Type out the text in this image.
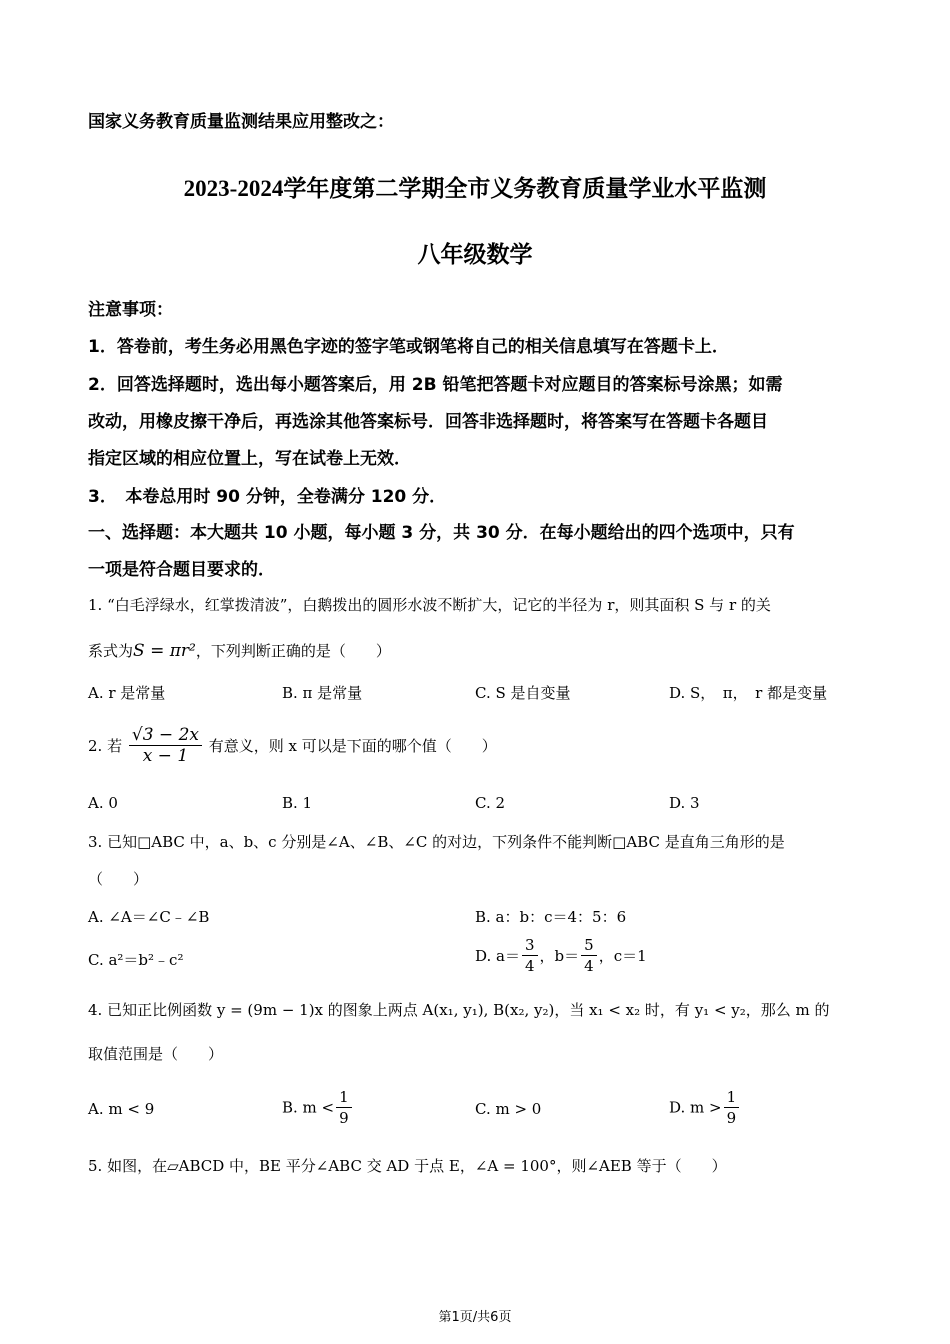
国家义务教育质量监测结果应用整改之：
2023-2024学年度第二学期全市义务教育质量学业水平监测
八年级数学
注意事项：
1．答卷前，考生务必用黑色字迹的签字笔或钢笔将自己的相关信息填写在答题卡上．
2．回答选择题时，选出每小题答案后，用 2B 铅笔把答题卡对应题目的答案标号涂黑；如需
改动，用橡皮擦干净后，再选涂其他答案标号．回答非选择题时，将答案写在答题卡各题目
指定区域的相应位置上，写在试卷上无效．
3．　本卷总用时 90 分钟，全卷满分 120 分．
一、选择题：本大题共 10 小题，每小题 3 分，共 30 分．在每小题给出的四个选项中，只有
一项是符合题目要求的．
1. “白毛浮绿水，红掌拨清波”，白鹅拨出的圆形水波不断扩大，记它的半径为 r，则其面积 S 与 r 的关
系式为S = πr²，下列判断正确的是（　　）
A. r 是常量	B. π 是常量	C. S 是自变量	D. S，　π，　r 都是变量
2. 若 $\frac{√3 - 2x}{x - 1}$ 有意义，则 x 可以是下面的哪个值（　　）
A. 0	B. 1	C. 2	D. 3
3. 已知□ABC 中，a、b、c 分别是∠A、∠B、∠C 的对边，下列条件不能判断□ABC 是直角三角形的是
（　　）
A. ∠A＝∠C﹣∠B	B. a：b：c＝4：5：6
C. a²＝b²﹣c²	D. $a= \frac{3}{4}$ ，$b= \frac{5}{4}$ ，c＝1
4. 已知正比例函数 y = (9m − 1)x 的图象上两点 A(x₁, y₁), B(x₂, y₂)，当 x₁ < x₂ 时，有 y₁ < y₂，那么 m 的
取值范围是（　　）
A. m < 9	B. $m < \frac{1}{9}$	C. m > 0	D. $m > \frac{1}{9}$
5. 如图，在▱ABCD 中，BE 平分∠ABC 交 AD 于点 E，∠A = 100°，则∠AEB 等于（　　）
第1页/共6页
